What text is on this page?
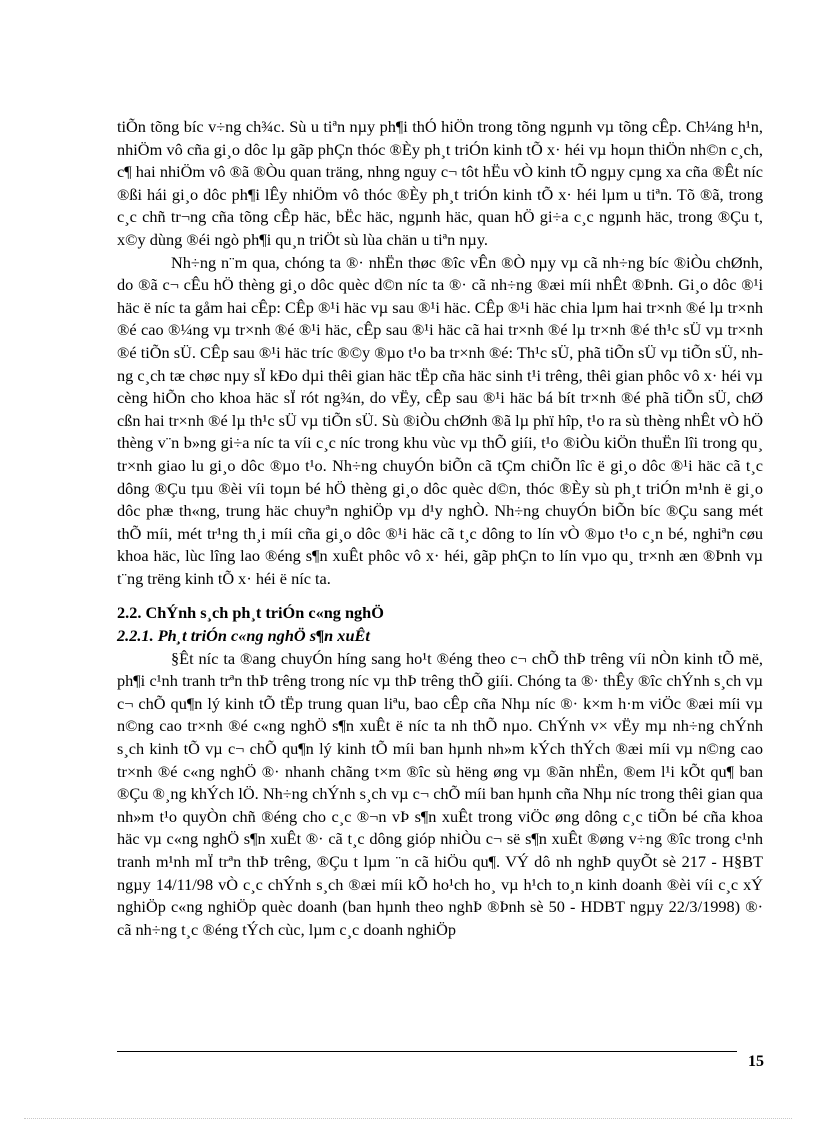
tiÕn tõng bíc v÷ng ch¾c. Sù u tiªn nµy ph¶i thÓ hiÖn trong tõng ngµnh vµ tõng cÊp. Ch¼ng h¹n, nhiÖm vô cña gi¸o dôc lµ gãp phÇn thóc ®Èy ph¸t triÓn kinh tÕ x· héi vµ hoµn thiÖn nh©n c¸ch, c¶ hai nhiÖm vô ®ã ®Òu quan träng, nhng nguy c¬ tôt hËu vÒ kinh tÕ ngµy cµng xa cña ®Êt níc ®ßi hái gi¸o dôc ph¶i lÊy nhiÖm vô thóc ®Èy ph¸t triÓn kinh tÕ x· héi lµm u tiªn. Tõ ®ã, trong c¸c chñ tr¬ng cña tõng cÊp häc, bËc häc, ngµnh häc, quan hÖ gi÷a c¸c ngµnh häc, trong ®Çu t, x©y dùng ®éi ngò ph¶i qu¸n triÖt sù lùa chän u tiªn nµy.

Nh÷ng n¨m qua, chóng ta ®· nhËn thøc ®îc vÊn ®Ò nµy vµ cã nh÷ng bíc ®iÒu chØnh, do ®ã c¬ cÊu hÖ thèng gi¸o dôc quèc d©n níc ta ®· cã nh÷ng ®æi míi nhÊt ®Þnh. Gi¸o dôc ®¹i häc ë níc ta gåm hai cÊp: CÊp ®¹i häc vµ sau ®¹i häc. CÊp ®¹i häc chia lµm hai tr×nh ®é lµ tr×nh ®é cao ®¼ng vµ tr×nh ®é ®¹i häc, cÊp sau ®¹i häc cã hai tr×nh ®é lµ tr×nh ®é th¹c sÜ vµ tr×nh ®é tiÕn sÜ. CÊp sau ®¹i häc tríc ®©y ®µo t¹o ba tr×nh ®é: Th¹c sÜ, phã tiÕn sÜ vµ tiÕn sÜ, nhng c¸ch tæ chøc nµy sÏ kÐo dµi thêi gian häc tËp cña häc sinh t¹i trêng, thêi gian phôc vô x· héi vµ cèng hiÕn cho khoa häc sÏ rót ng¾n, do vËy, cÊp sau ®¹i häc bá bít tr×nh ®é phã tiÕn sÜ, chØ cßn hai tr×nh ®é lµ th¹c sÜ vµ tiÕn sÜ. Sù ®iÒu chØnh ®ã lµ phï hîp, t¹o ra sù thèng nhÊt vÒ hÖ thèng v¨n b»ng gi÷a níc ta víi c¸c níc trong khu vùc vµ thÕ giíi, t¹o ®iÒu kiÖn thuËn lîi trong qu¸ tr×nh giao lu gi¸o dôc ®µo t¹o. Nh÷ng chuyÓn biÕn cã tÇm chiÕn lîc ë gi¸o dôc ®¹i häc cã t¸c dông ®Çu tµu ®èi víi toµn bé hÖ thèng gi¸o dôc quèc d©n, thóc ®Èy sù ph¸t triÓn m¹nh ë gi¸o dôc phæ th«ng, trung häc chuyªn nghiÖp vµ d¹y nghÒ. Nh÷ng chuyÓn biÕn bíc ®Çu sang mét thÕ míi, mét tr¹ng th¸i míi cña gi¸o dôc ®¹i häc cã t¸c dông to lín vÒ ®µo t¹o c¸n bé, nghiªn cøu khoa häc, lùc lîng lao ®éng s¶n xuÊt phôc vô x· héi, gãp phÇn to lín vµo qu¸ tr×nh æn ®Þnh vµ t¨ng trëng kinh tÕ x· héi ë níc ta.

2.2. ChÝnh s¸ch ph¸t triÓn c«ng nghÖ
2.2.1. Ph¸t triÓn c«ng nghÖ s¶n xuÊt

§Êt níc ta ®ang chuyÓn híng sang ho¹t ®éng theo c¬ chÕ thÞ trêng víi nÒn kinh tÕ më, ph¶i c¹nh tranh trªn thÞ trêng trong níc vµ thÞ trêng thÕ giíi. Chóng ta ®· thÊy ®îc chÝnh s¸ch vµ c¬ chÕ qu¶n lý kinh tÕ tËp trung quan liªu, bao cÊp cña Nhµ níc ®· k×m h·m viÖc ®æi míi vµ n©ng cao tr×nh ®é c«ng nghÖ s¶n xuÊt ë níc ta nh thÕ nµo. ChÝnh v× vËy mµ nh÷ng chÝnh s¸ch kinh tÕ vµ c¬ chÕ qu¶n lý kinh tÕ míi ban hµnh nh»m kÝch thÝch ®æi míi vµ n©ng cao tr×nh ®é c«ng nghÖ ®· nhanh chãng t×m ®îc sù hëng øng vµ ®ãn nhËn, ®em l¹i kÕt qu¶ ban ®Çu ®¸ng khÝch lÖ. Nh÷ng chÝnh s¸ch vµ c¬ chÕ míi ban hµnh cña Nhµ níc trong thêi gian qua nh»m t¹o quyÒn chñ ®éng cho c¸c ®¬n vÞ s¶n xuÊt trong viÖc øng dông c¸c tiÕn bé cña khoa häc vµ c«ng nghÖ s¶n xuÊt ®· cã t¸c dông gióp nhiÒu c¬ së s¶n xuÊt ®øng v÷ng ®îc trong c¹nh tranh m¹nh mÏ trªn thÞ trêng, ®Çu t lµm ¨n cã hiÖu qu¶. VÝ dô nh nghÞ quyÕt sè 217 - H§BT ngµy 14/11/98 vÒ c¸c chÝnh s¸ch ®æi míi kÕ ho¹ch ho¸ vµ h¹ch to¸n kinh doanh ®èi víi c¸c xÝ nghiÖp c«ng nghiÖp quèc doanh (ban hµnh theo nghÞ ®Þnh sè 50 - HDBT ngµy 22/3/1998) ®· cã nh÷ng t¸c ®éng tÝch cùc, lµm c¸c doanh nghiÖp

15
